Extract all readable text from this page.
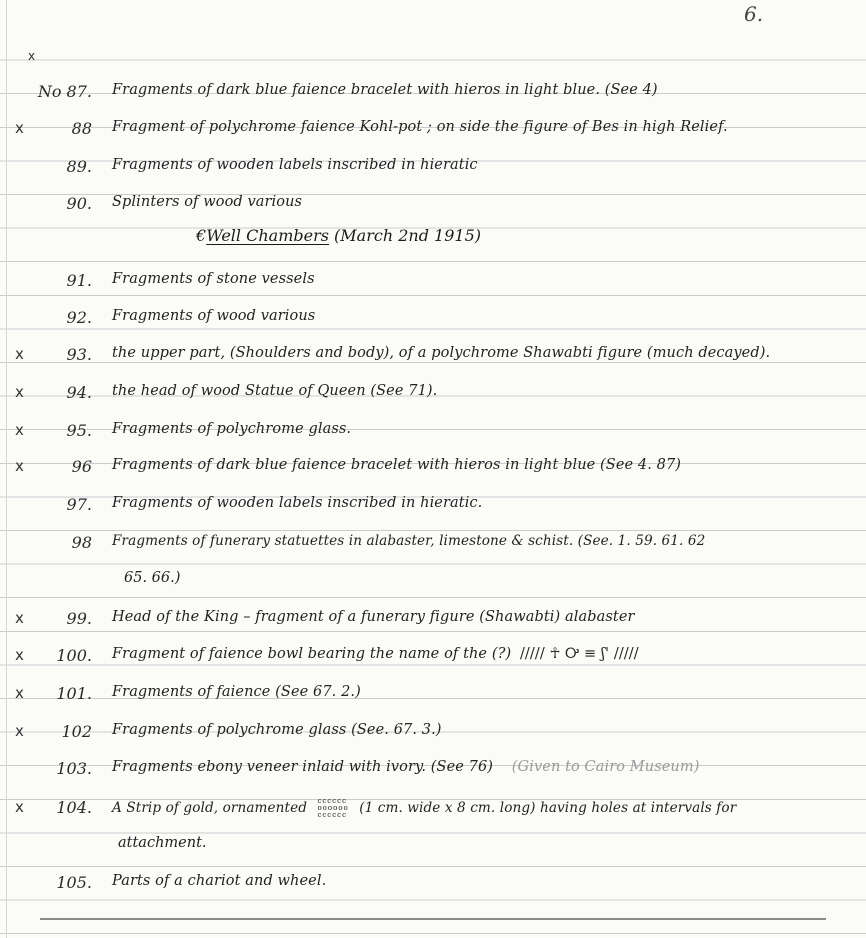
6.
x
No 87. Fragments of dark blue faience bracelet with hieros in light blue. (See 4)
x	88 Fragment of polychrome faience Kohl-pot ; on side the figure of Bes in high Relief.
89. Fragments of wooden labels inscribed in hieratic
90. Splinters of wood various
€Well Chambers (March 2nd 1915)
91. Fragments of stone vessels
92. Fragments of wood various
x	93. the upper part, (Shoulders and body), of a polychrome Shawabti figure (much decayed).
x	94. the head of wood Statue of Queen (See 71).
x	95. Fragments of polychrome glass.
x	96 Fragments of dark blue faience bracelet with hieros in light blue (See 4. 87)
97. Fragments of wooden labels inscribed in hieratic.
98 Fragments of funerary statuettes in alabaster, limestone & schist. (See. 1. 59. 61. 62
65. 66.)
x	99. Head of the King – fragment of a funerary figure (Shawabti) alabaster
x	100. Fragment of faience bowl bearing the name of the (?) ///// ☥ Ꭴ ≡ ʃ' /////
x	101. Fragments of faience (See 67. 2.)
x	102 Fragments of polychrome glass (See. 67. 3.)
103. Fragments ebony veneer inlaid with ivory. (See 76) (Given to Cairo Museum)
x	104. A Strip of gold, ornamented cccccc
oooooo
cccccc (1 cm. wide x 8 cm. long) having holes at intervals for
attachment.
105. Parts of a chariot and wheel.
